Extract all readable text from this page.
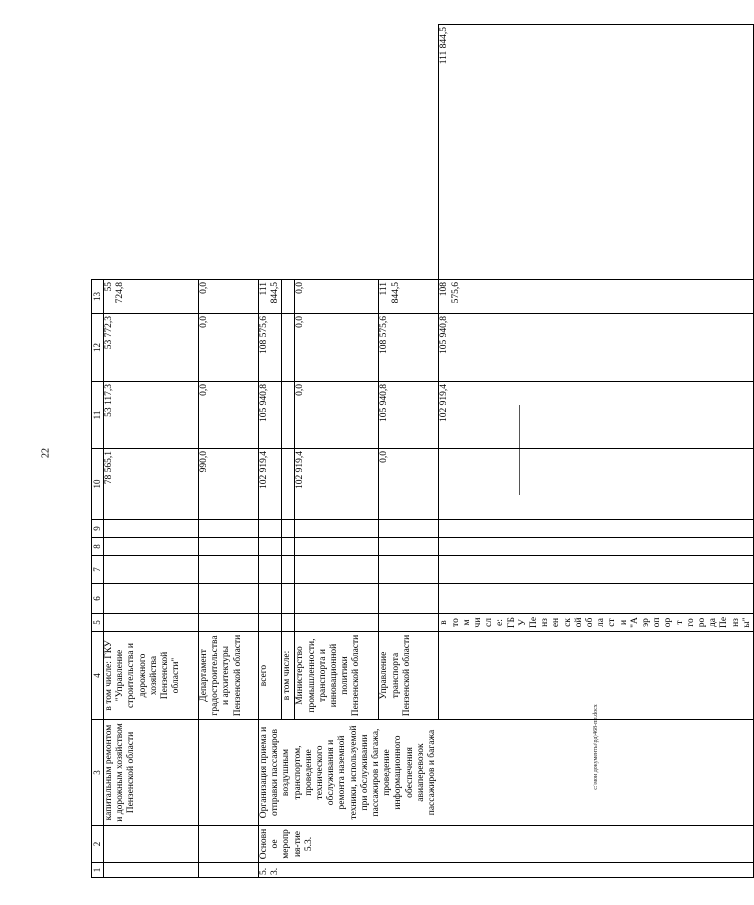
22
c:\мои документы\рд\468-пп.docx
1	2	3	4	5	6	7	8	9	10	11	12	13	
		капитальным ремонтом и дорожным хозяйством Пензенской области	в том числе: ГКУ "Управление строительства и дорожного хозяйства Пензенской области"						78 565,1	53 117,3	53 772,3	55 724,8	
			Департамент градостроительства и архитектуры Пензенской области						990,0	0,0	0,0	0,0	
5.3.	Основное мероприя-тие 5.3.	Организация приема и отправки пассажиров воздушным транспортом, проведение технического обслуживания и ремонта наземной техники, используемой при обслуживании пассажиров и багажа, проведение информационного обеспечения авиаперевозок пассажиров и багажа	всего						102 919,4	105 940,8	108 575,6	111 844,5	
			в том числе:										
			Министерство промышленности, транспорта и инновационной политики Пензенской области						102 919,4	0,0	0,0	0,0	
			Управление транспорта Пензенской области						0,0	105 940,8	108 575,6	111 844,5	
				в том числе: ГБУ Пензенской области "Аэропорт города Пензы"						102 919,4	105 940,8	108 575,6	111 844,5
